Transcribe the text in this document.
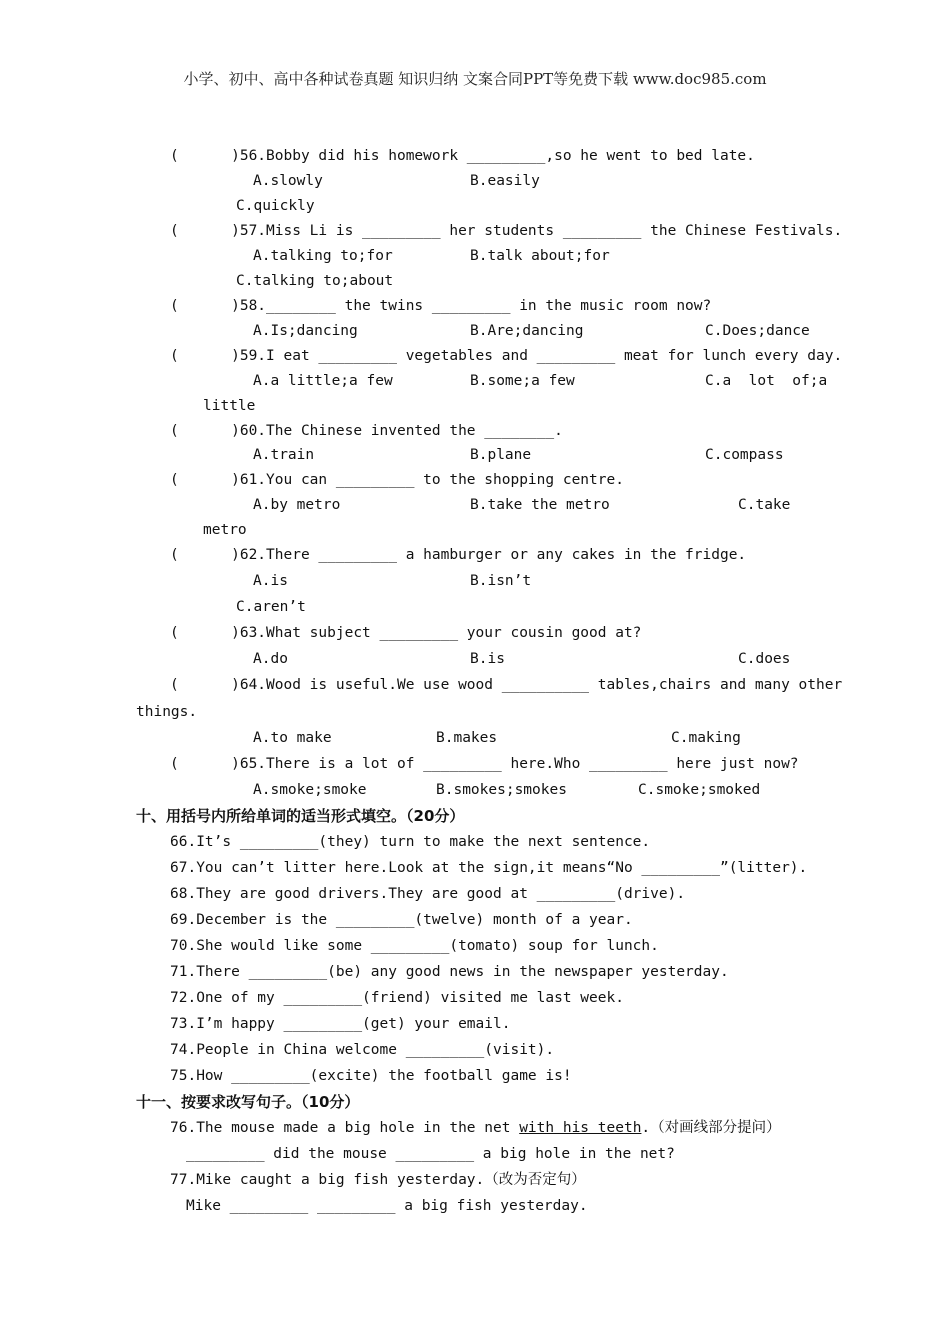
小学、初中、高中各种试卷真题 知识归纳 文案合同PPT等免费下载 www.doc985.com
(      )56.Bobby did his homework _________,so he went to bed late.
A.slowly	B.easily
C.quickly
(      )57.Miss Li is _________ her students _________ the Chinese Festivals.
A.talking to;for	B.talk about;for
C.talking to;about
(      )58.________ the twins _________ in the music room now?
A.Is;dancing	B.Are;dancing	C.Does;dance
(      )59.I eat _________ vegetables and _________ meat for lunch every day.
A.a little;a few	B.some;a few	C.a  lot  of;a
little
(      )60.The Chinese invented the ________.
A.train	B.plane	C.compass
(      )61.You can _________ to the shopping centre.
A.by metro	B.take the metro	C.take
metro
(      )62.There _________ a hamburger or any cakes in the fridge.
A.is	B.isn’t
C.aren’t
(      )63.What subject _________ your cousin good at?
A.do	B.is	C.does
(      )64.Wood is useful.We use wood __________ tables,chairs and many other
things.
A.to make	B.makes	C.making
(      )65.There is a lot of _________ here.Who _________ here just now?
A.smoke;smoke	B.smokes;smokes	C.smoke;smoked
十、用括号内所给单词的适当形式填空。（20分）
66.It’s _________(they) turn to make the next sentence.
67.You can’t litter here.Look at the sign,it means“No _________”(litter).
68.They are good drivers.They are good at _________(drive).
69.December is the _________(twelve) month of a year.
70.She would like some _________(tomato) soup for lunch.
71.There _________(be) any good news in the newspaper yesterday.
72.One of my _________(friend) visited me last week.
73.I’m happy _________(get) your email.
74.People in China welcome _________(visit).
75.How _________(excite) the football game is!
十一、按要求改写句子。（10分）
76.The mouse made a big hole in the net with his teeth.（对画线部分提问）
_________ did the mouse _________ a big hole in the net?
77.Mike caught a big fish yesterday.（改为否定句）
Mike _________ _________ a big fish yesterday.
